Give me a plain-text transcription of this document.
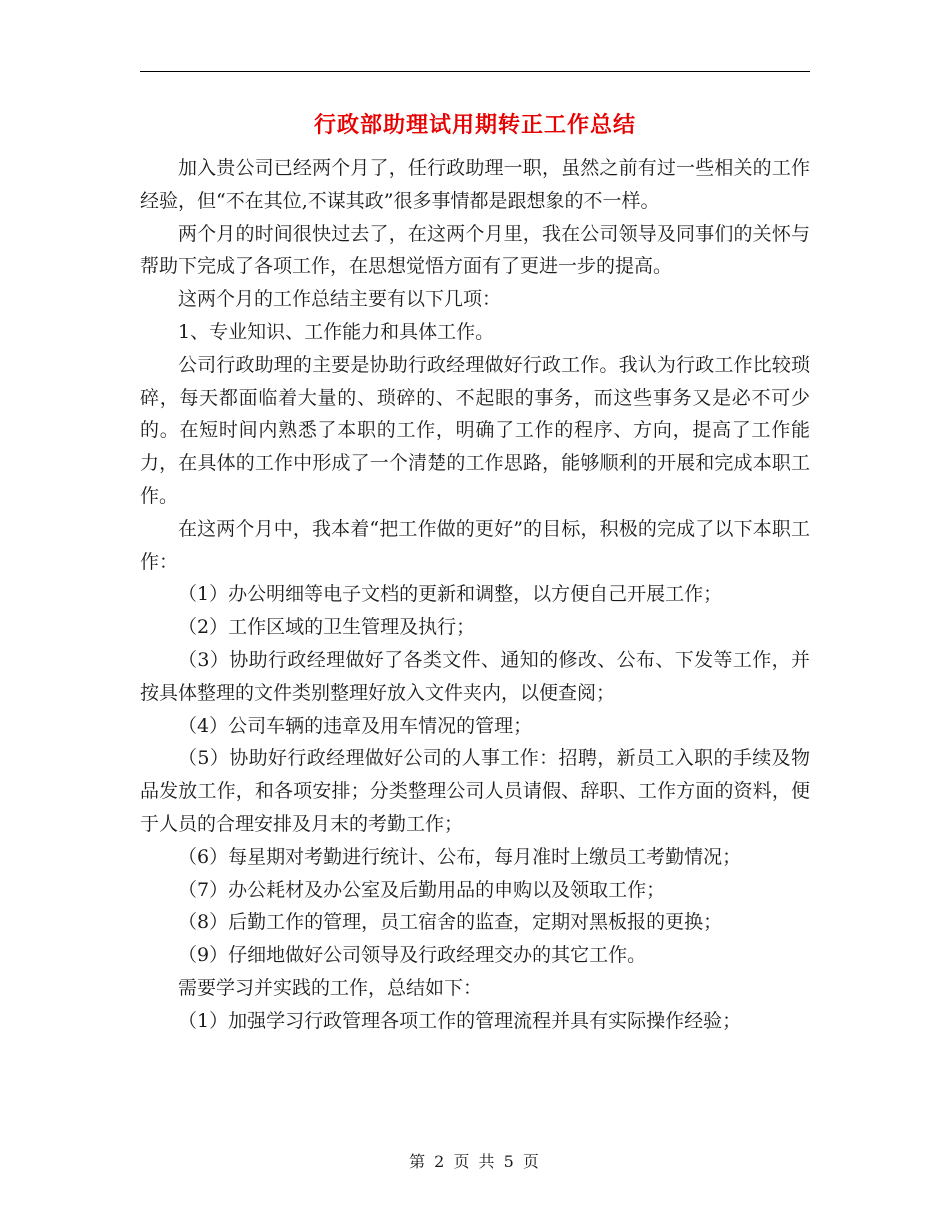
行政部助理试用期转正工作总结

加入贵公司已经两个月了，任行政助理一职，虽然之前有过一些相关的工作经验，但“不在其位,不谋其政”很多事情都是跟想象的不一样。

两个月的时间很快过去了，在这两个月里，我在公司领导及同事们的关怀与帮助下完成了各项工作，在思想觉悟方面有了更进一步的提高。

这两个月的工作总结主要有以下几项：

1、专业知识、工作能力和具体工作。

公司行政助理的主要是协助行政经理做好行政工作。我认为行政工作比较琐碎，每天都面临着大量的、琐碎的、不起眼的事务，而这些事务又是必不可少的。在短时间内熟悉了本职的工作，明确了工作的程序、方向，提高了工作能力，在具体的工作中形成了一个清楚的工作思路，能够顺利的开展和完成本职工作。

在这两个月中，我本着“把工作做的更好”的目标，积极的完成了以下本职工作：

（1）办公明细等电子文档的更新和调整，以方便自己开展工作；

（2）工作区域的卫生管理及执行；

（3）协助行政经理做好了各类文件、通知的修改、公布、下发等工作，并按具体整理的文件类别整理好放入文件夹内，以便查阅；

（4）公司车辆的违章及用车情况的管理；

（5）协助好行政经理做好公司的人事工作：招聘，新员工入职的手续及物品发放工作，和各项安排；分类整理公司人员请假、辞职、工作方面的资料，便于人员的合理安排及月末的考勤工作；

（6）每星期对考勤进行统计、公布，每月准时上缴员工考勤情况；

（7）办公耗材及办公室及后勤用品的申购以及领取工作；

（8）后勤工作的管理，员工宿舍的监查，定期对黑板报的更换；

（9）仔细地做好公司领导及行政经理交办的其它工作。

需要学习并实践的工作，总结如下：

（1）加强学习行政管理各项工作的管理流程并具有实际操作经验；

第 2 页 共 5 页
